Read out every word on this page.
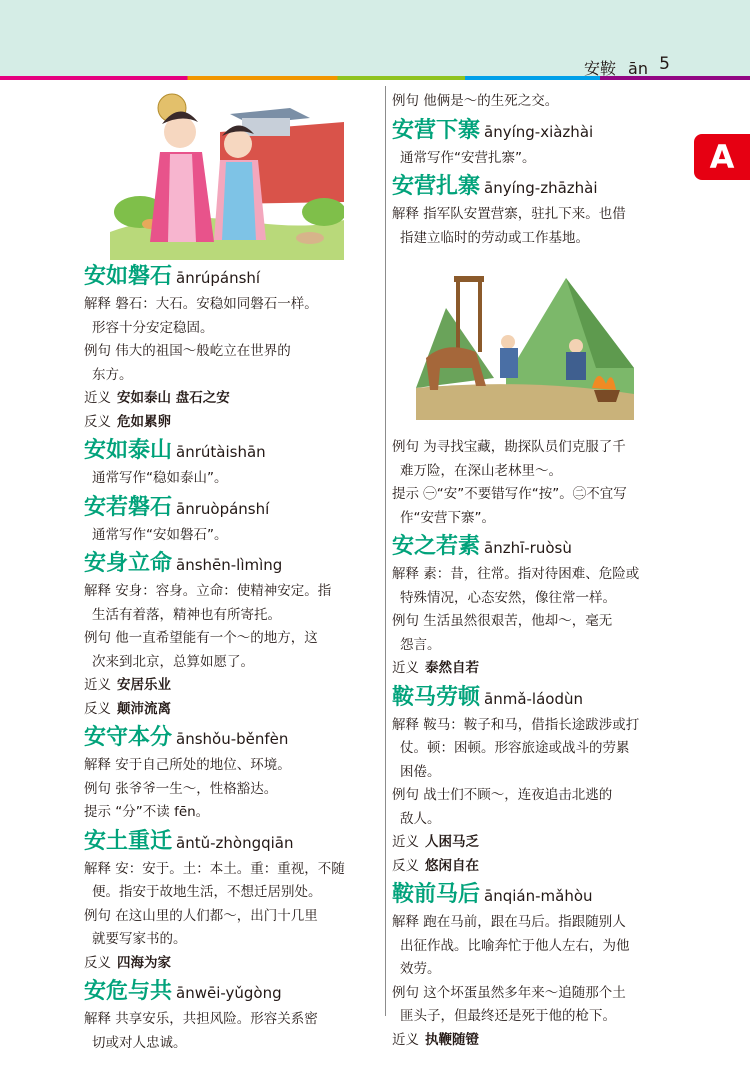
安鞍 ān 5
A
安如磐石 ānrúpánshí
解释 磐石：大石。安稳如同磐石一样。
形容十分安定稳固。
例句 伟大的祖国～般屹立在世界的
东方。
近义 安如泰山 盘石之安
反义 危如累卵
安如泰山 ānrútàishān
通常写作“稳如泰山”。
安若磐石 ānruòpánshí
通常写作“安如磐石”。
安身立命 ānshēn-lìmìng
解释 安身：容身。立命：使精神安定。指
生活有着落，精神也有所寄托。
例句 他一直希望能有一个～的地方，这
次来到北京，总算如愿了。
近义 安居乐业
反义 颠沛流离
安守本分 ānshǒu-běnfèn
解释 安于自己所处的地位、环境。
例句 张爷爷一生～，性格豁达。
提示 “分”不读 fēn。
安土重迁 āntǔ-zhòngqiān
解释 安：安于。土：本土。重：重视，不随
便。指安于故地生活，不想迁居别处。
例句 在这山里的人们都～，出门十几里
就要写家书的。
反义 四海为家
安危与共 ānwēi-yǔgòng
解释 共享安乐，共担风险。形容关系密
切或对人忠诚。
例句 他俩是～的生死之交。
安营下寨 ānyíng-xiàzhài
通常写作“安营扎寨”。
安营扎寨 ānyíng-zhāzhài
解释 指军队安置营寨，驻扎下来。也借
指建立临时的劳动或工作基地。
例句 为寻找宝藏，勘探队员们克服了千
难万险，在深山老林里～。
提示 ㊀“安”不要错写作“按”。㊁不宜写
作“安营下寨”。
安之若素 ānzhī-ruòsù
解释 素：昔，往常。指对待困难、危险或
特殊情况，心态安然，像往常一样。
例句 生活虽然很艰苦，他却～，毫无
怨言。
近义 泰然自若
鞍马劳顿 ānmǎ-láodùn
解释 鞍马：鞍子和马，借指长途跋涉或打
仗。顿：困顿。形容旅途或战斗的劳累
困倦。
例句 战士们不顾～，连夜追击北逃的
敌人。
近义 人困马乏
反义 悠闲自在
鞍前马后 ānqián-mǎhòu
解释 跑在马前，跟在马后。指跟随别人
出征作战。比喻奔忙于他人左右，为他
效劳。
例句 这个坏蛋虽然多年来～追随那个土
匪头子，但最终还是死于他的枪下。
近义 执鞭随镫
